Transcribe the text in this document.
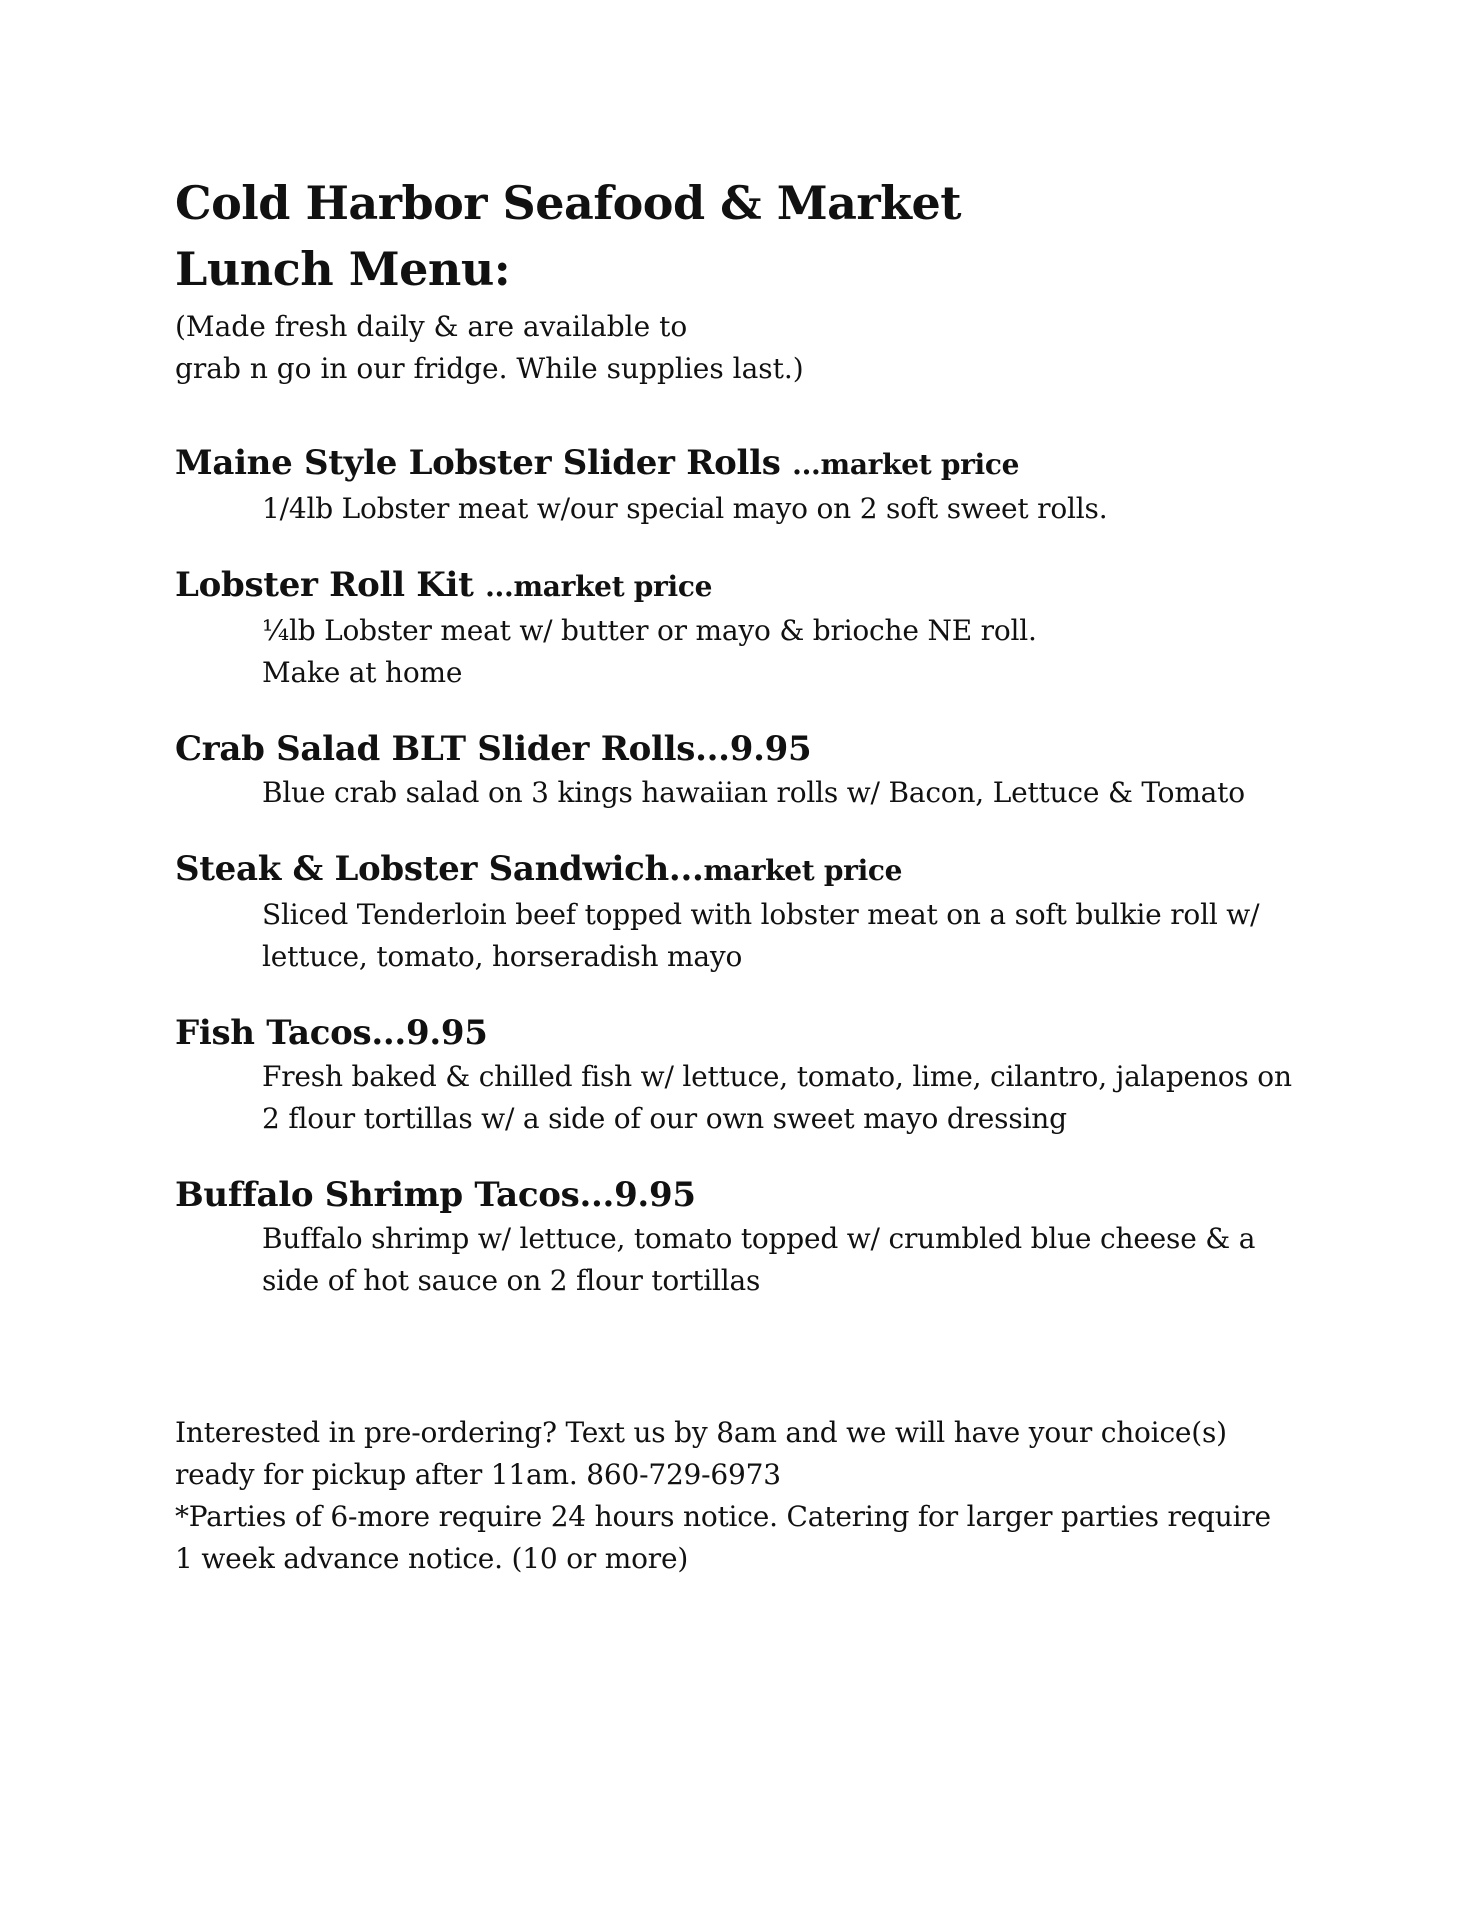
Cold Harbor Seafood & Market
Lunch Menu:

(Made fresh daily & are available to
grab n go in our fridge. While supplies last.)

Maine Style Lobster Slider Rolls ...market price
1/4lb Lobster meat w/our special mayo on 2 soft sweet rolls.
Lobster Roll Kit ...market price
¼lb Lobster meat w/ butter or mayo & brioche NE roll.
Make at home
Crab Salad BLT Slider Rolls...9.95
Blue crab salad on 3 kings hawaiian rolls w/ Bacon, Lettuce & Tomato
Steak & Lobster Sandwich...market price
Sliced Tenderloin beef topped with lobster meat on a soft bulkie roll w/
lettuce, tomato, horseradish mayo
Fish Tacos...9.95
Fresh baked & chilled fish w/ lettuce, tomato, lime, cilantro, jalapenos on
2 flour tortillas w/ a side of our own sweet mayo dressing
Buffalo Shrimp Tacos...9.95
Buffalo shrimp w/ lettuce, tomato topped w/ crumbled blue cheese & a
side of hot sauce on 2 flour tortillas
Interested in pre-ordering? Text us by 8am and we will have your choice(s)
ready for pickup after 11am. 860-729-6973
*Parties of 6-more require 24 hours notice. Catering for larger parties require
1 week advance notice. (10 or more)
